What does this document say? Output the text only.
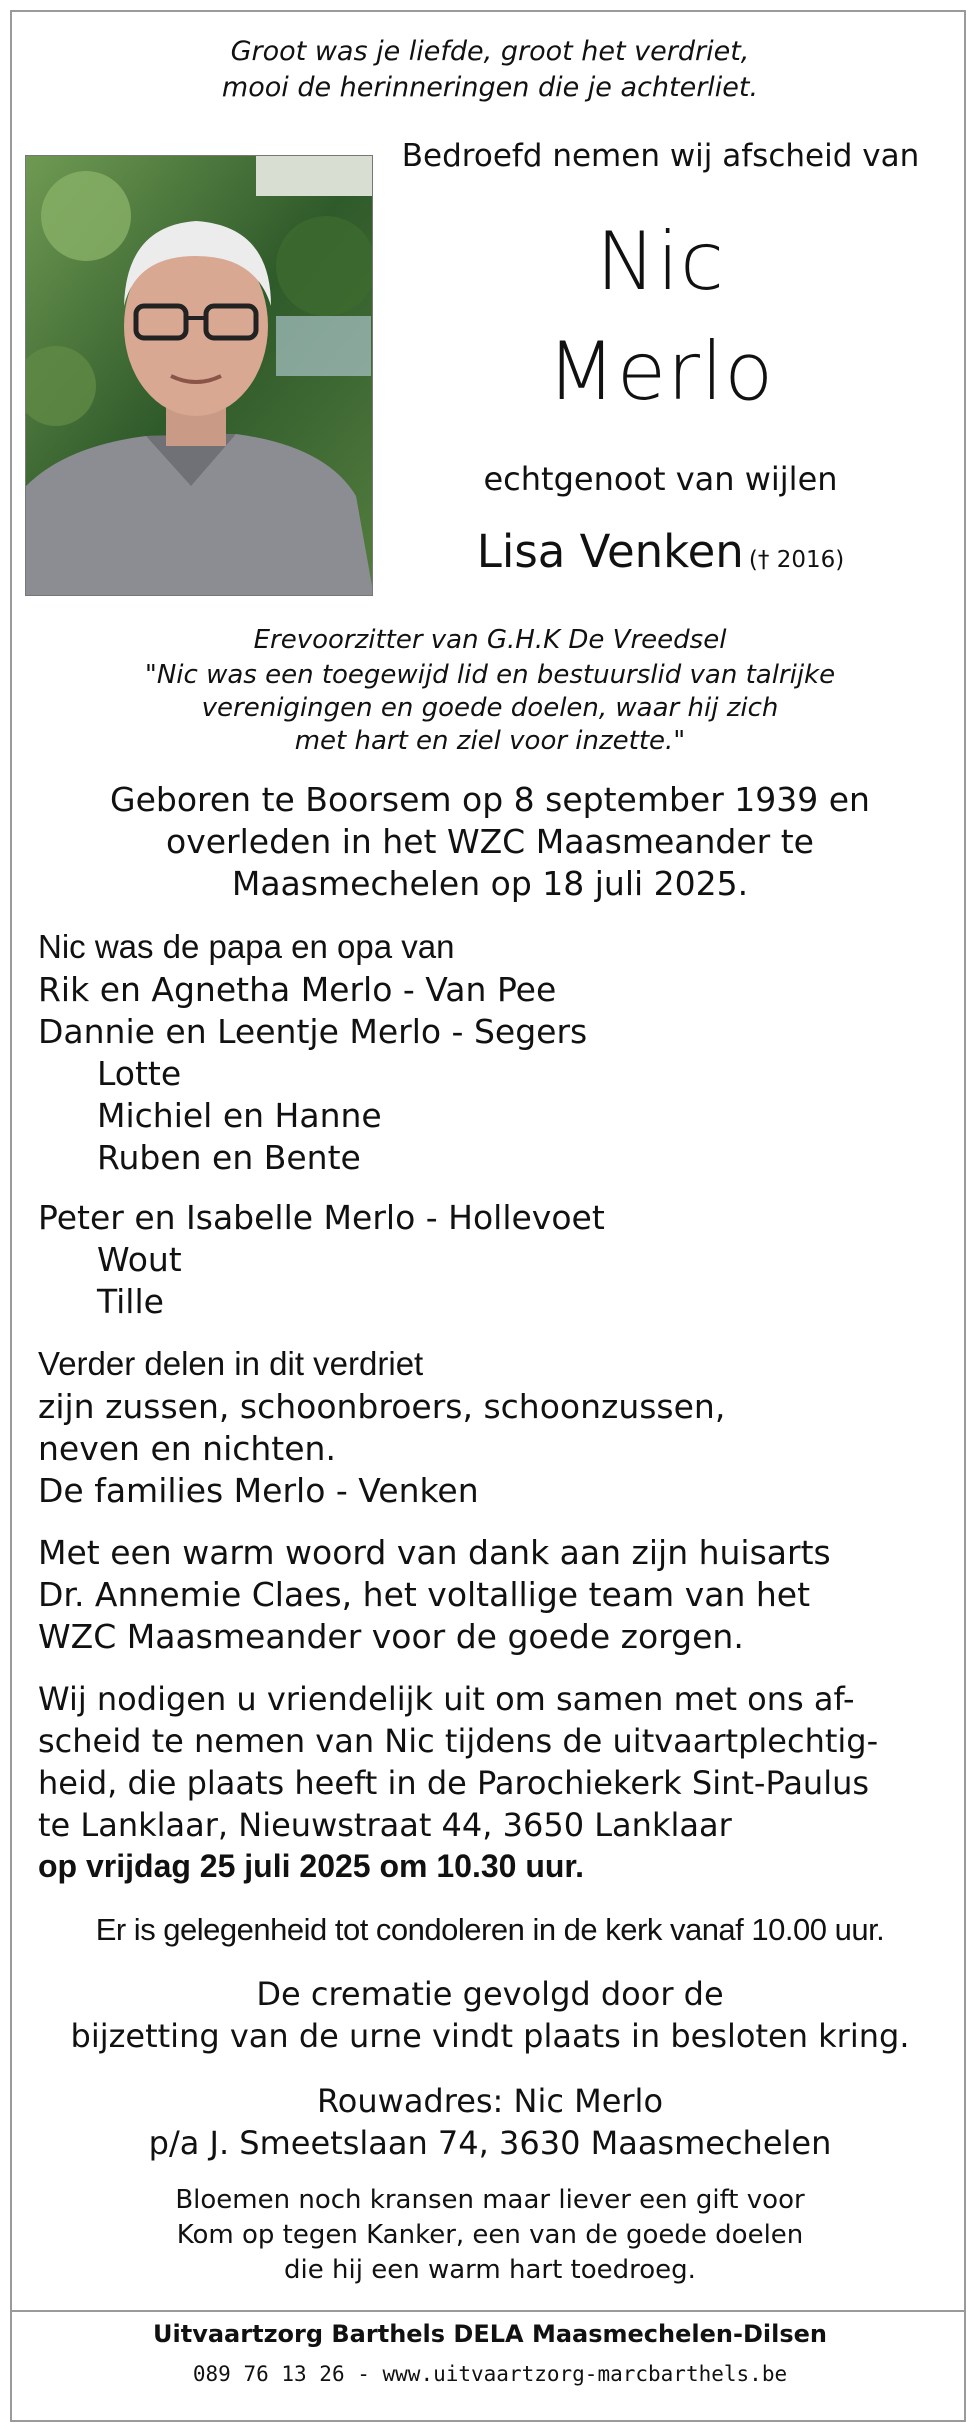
Groot was je liefde, groot het verdriet,
mooi de herinneringen die je achterliet.
Bedroefd nemen wij afscheid van
Nic
Merlo
echtgenoot van wijlen
Lisa Venken († 2016)
Erevoorzitter van G.H.K De Vreedsel
"Nic was een toegewijd lid en bestuurslid van talrijke
verenigingen en goede doelen, waar hij zich
met hart en ziel voor inzette."
Geboren te Boorsem op 8 september 1939 en
overleden in het WZC Maasmeander te
Maasmechelen op 18 juli 2025.
Nic was de papa en opa van
Rik en Agnetha Merlo - Van Pee
Dannie en Leentje Merlo - Segers
Lotte
Michiel en Hanne
Ruben en Bente
Peter en Isabelle Merlo - Hollevoet
Wout
Tille
Verder delen in dit verdriet
zijn zussen, schoonbroers, schoonzussen,
neven en nichten.
De families Merlo - Venken
Met een warm woord van dank aan zijn huisarts
Dr. Annemie Claes, het voltallige team van het
WZC Maasmeander voor de goede zorgen.
Wij nodigen u vriendelijk uit om samen met ons af-
scheid te nemen van Nic tijdens de uitvaartplechtig-
heid, die plaats heeft in de Parochiekerk Sint-Paulus
te Lanklaar, Nieuwstraat 44, 3650 Lanklaar
op vrijdag 25 juli 2025 om 10.30 uur.
Er is gelegenheid tot condoleren in de kerk vanaf 10.00 uur.
De crematie gevolgd door de
bijzetting van de urne vindt plaats in besloten kring.
Rouwadres: Nic Merlo
p/a J. Smeetslaan 74, 3630 Maasmechelen
Bloemen noch kransen maar liever een gift voor
Kom op tegen Kanker, een van de goede doelen
die hij een warm hart toedroeg.
Uitvaartzorg Barthels DELA Maasmechelen-Dilsen
089 76 13 26 - www.uitvaartzorg-marcbarthels.be
